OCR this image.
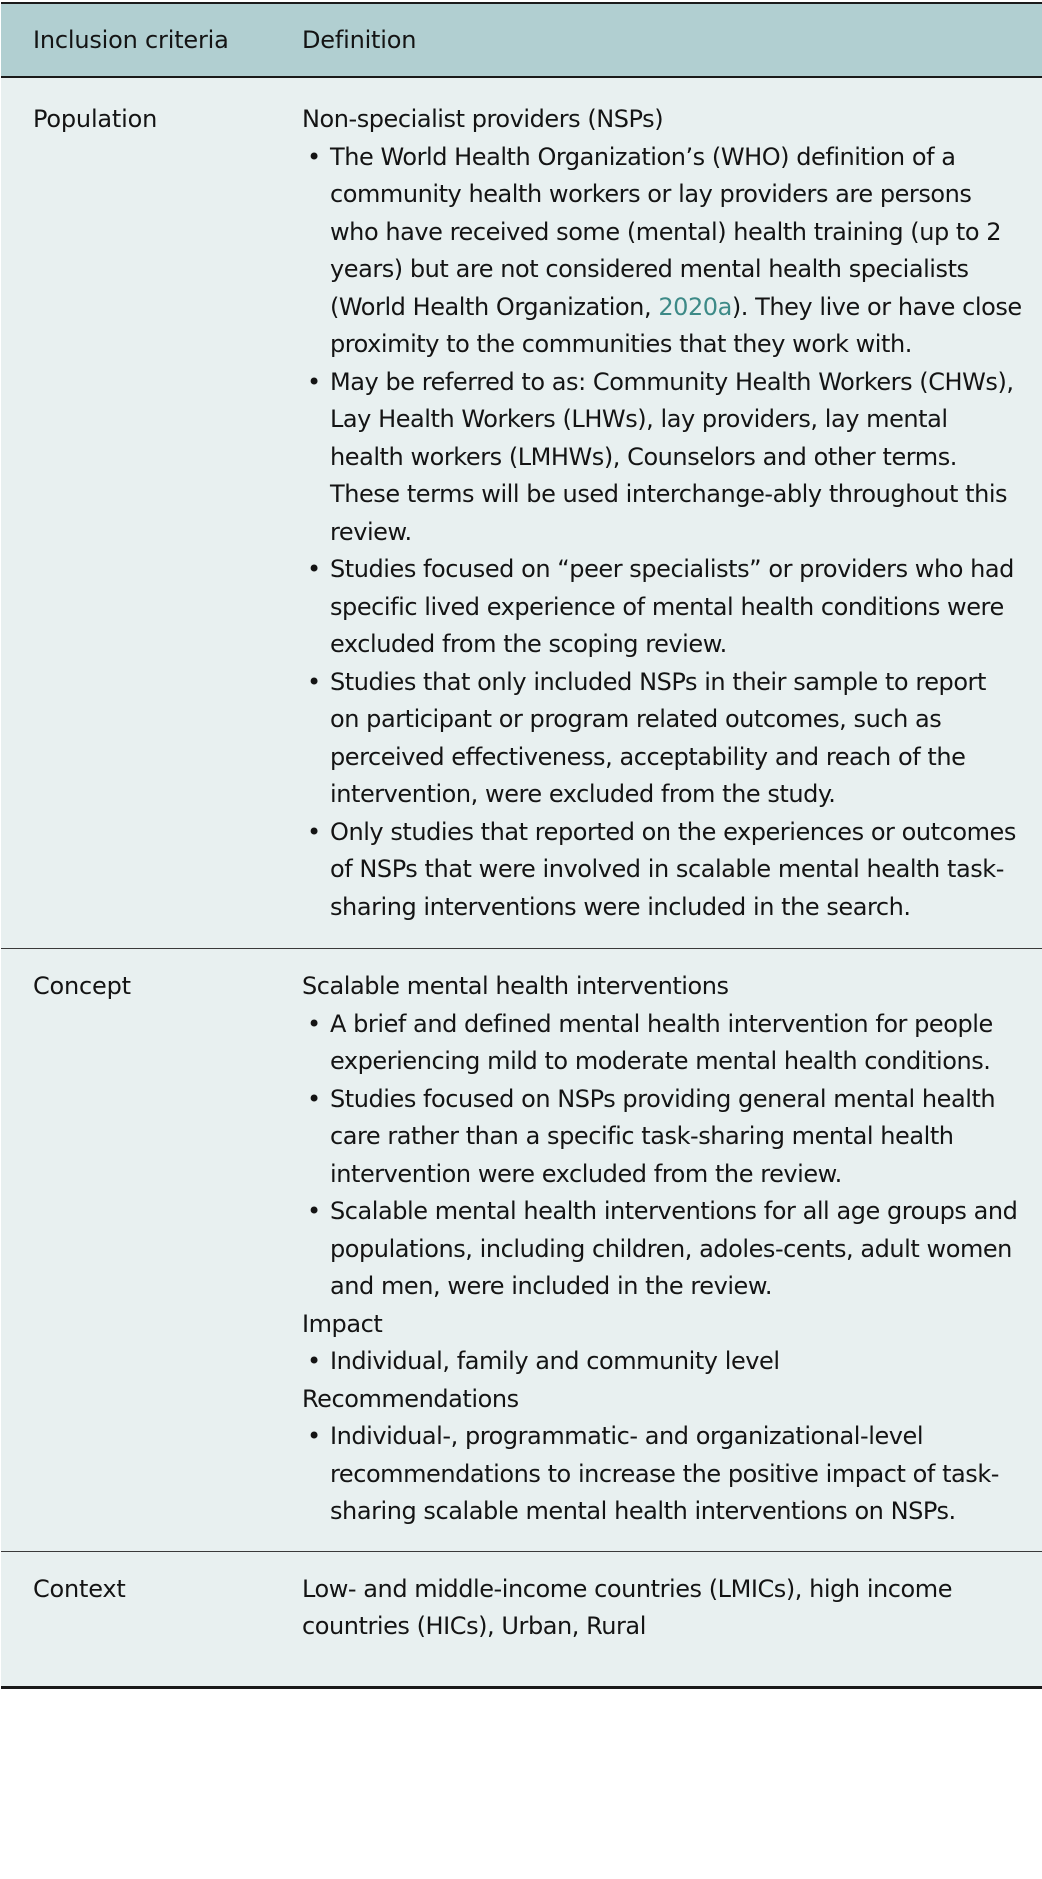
Inclusion criteria	Definition
Population	Non-specialist providers (NSPs)
• The World Health Organization’s (WHO) definition of a community health workers or lay providers are persons who have received some (mental) health training (up to 2 years) but are not considered mental health specialists (World Health Organization, 2020a). They live or have close proximity to the communities that they work with.
• May be referred to as: Community Health Workers (CHWs), Lay Health Workers (LHWs), lay providers, lay mental health workers (LMHWs), Counselors and other terms. These terms will be used interchange-ably throughout this review.
• Studies focused on “peer specialists” or providers who had specific lived experience of mental health conditions were excluded from the scoping review.
• Studies that only included NSPs in their sample to report on participant or program related outcomes, such as perceived effectiveness, acceptability and reach of the intervention, were excluded from the study.
• Only studies that reported on the experiences or outcomes of NSPs that were involved in scalable mental health task-sharing interventions were included in the search.
Concept	Scalable mental health interventions
• A brief and defined mental health intervention for people experiencing mild to moderate mental health conditions.
• Studies focused on NSPs providing general mental health care rather than a specific task-sharing mental health intervention were excluded from the review.
• Scalable mental health interventions for all age groups and populations, including children, adoles-cents, adult women and men, were included in the review.
Impact
• Individual, family and community level
Recommendations
• Individual-, programmatic- and organizational-level recommendations to increase the positive impact of task-sharing scalable mental health interventions on NSPs.
Context	Low- and middle-income countries (LMICs), high income countries (HICs), Urban, Rural
